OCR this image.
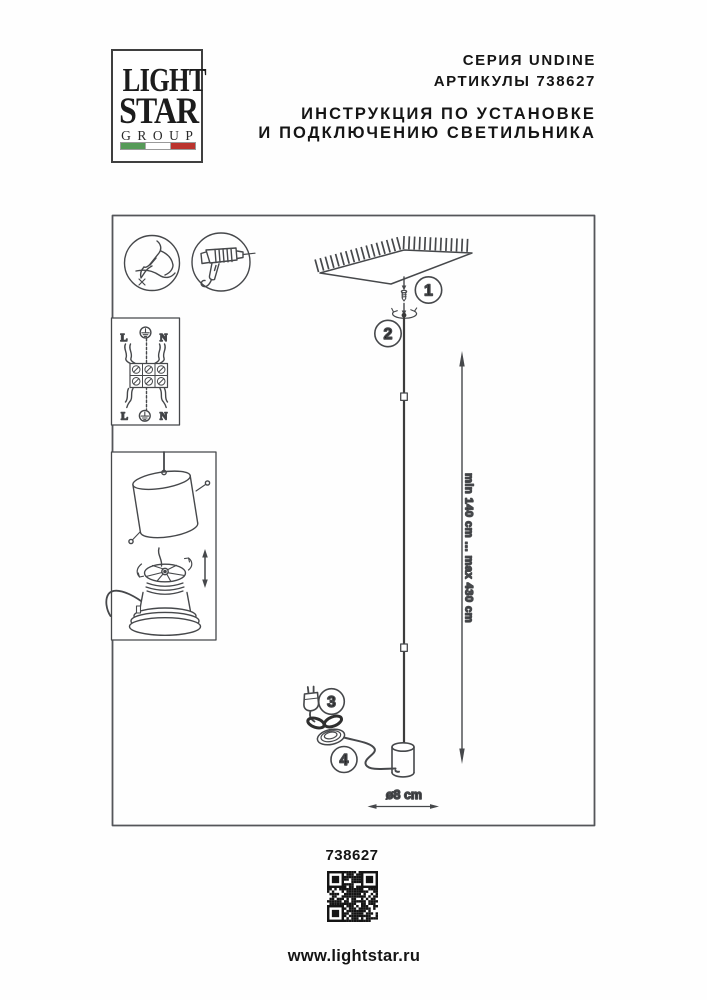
LIGHT
STAR
GROUP
СЕРИЯ UNDINE
АРТИКУЛЫ 738627
ИНСТРУКЦИЯ ПО УСТАНОВКЕ
И ПОДКЛЮЧЕНИЮ СВЕТИЛЬНИКА
L	N
L	N
min 140 cm ... max 430 cm
ø8 cm
1
2
3
4
738627
www.lightstar.ru
